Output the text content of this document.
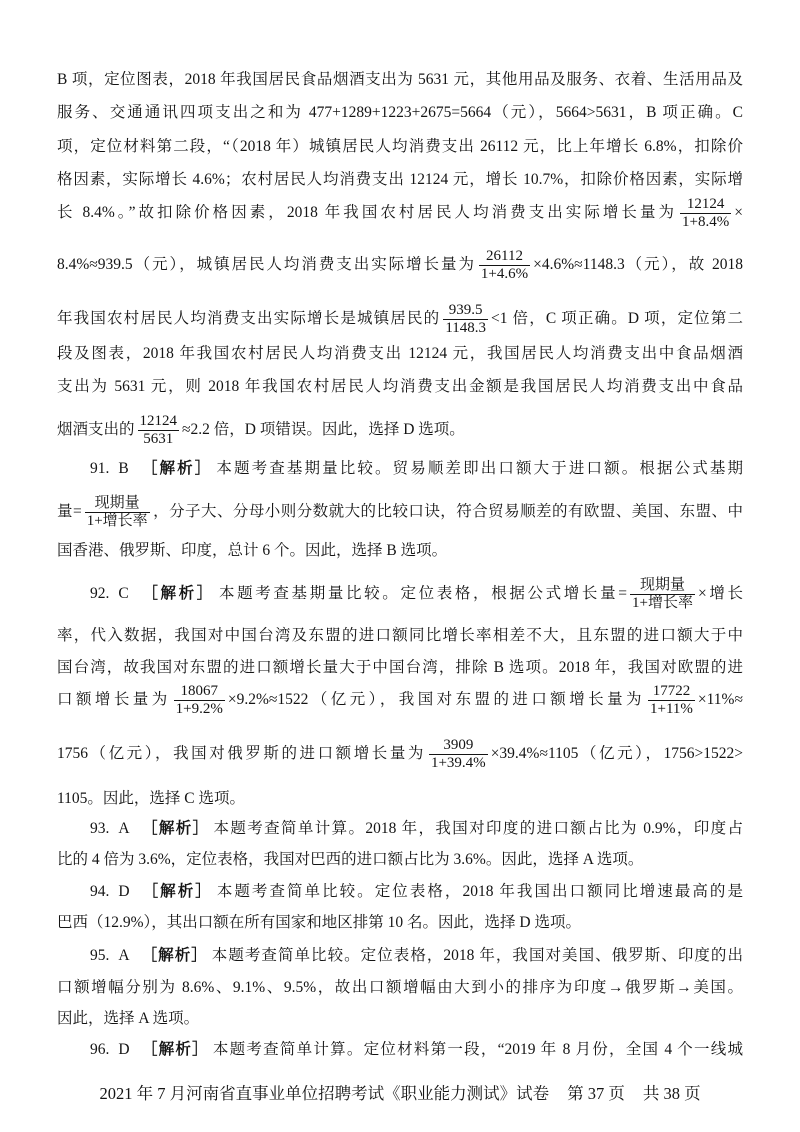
B 项，定位图表，2018 年我国居民食品烟酒支出为 5631 元，其他用品及服务、衣着、生活用品及
服务、交通通讯四项支出之和为 477+1289+1223+2675=5664（元），5664>5631，B 项正确。C
项，定位材料第二段，“（2018 年）城镇居民人均消费支出 26112 元，比上年增长 6.8%，扣除价
格因素，实际增长 4.6%；农村居民人均消费支出 12124 元，增长 10.7%，扣除价格因素，实际增
长 8.4%。”故扣除价格因素，2018 年我国农村居民人均消费支出实际增长量为 $\frac{12124}{1+8.4\%}$ ×
8.4%≈939.5（元），城镇居民人均消费支出实际增长量为 $\frac{26112}{1+4.6\%} \times 4.6\%\approx 1148.3$（元），故 2018
年我国农村居民人均消费支出实际增长是城镇居民的 $\frac{939.5}{1148.3} <1$ 倍，C 项正确。D 项，定位第二
段及图表，2018 年我国农村居民人均消费支出 12124 元，我国居民人均消费支出中食品烟酒
支出为 5631 元，则 2018 年我国农村居民人均消费支出金额是我国居民人均消费支出中食品
烟酒支出的 $\frac{12124}{5631} \approx 2.2$ 倍，D 项错误。因此，选择 D 选项。
91. B ［解析］ 本题考查基期量比较。贸易顺差即出口额大于进口额。根据公式基期
量= $\frac{\text{现期量}}{\text{1+增长率}}$ ，分子大、分母小则分数就大的比较口诀，符合贸易顺差的有欧盟、美国、东盟、中
国香港、俄罗斯、印度，总计 6 个。因此，选择 B 选项。
92. C ［解析］ 本题考查基期量比较。定位表格，根据公式增长量= $\frac{\text{现期量}}{\text{1+增长率}}$ ×增长
率，代入数据，我国对中国台湾及东盟的进口额同比增长率相差不大，且东盟的进口额大于中
国台湾，故我国对东盟的进口额增长量大于中国台湾，排除 B 选项。2018 年，我国对欧盟的进
口额增长量为 $\frac{18067}{1+9.2\%} \times 9.2\%\approx 1522$（亿元），我国对东盟的进口额增长量为 $\frac{17722}{1+11\%} \times 11\%\approx$
1756（亿元），我国对俄罗斯的进口额增长量为 $\frac{3909}{1+39.4\%} \times 39.4\%\approx 1105$（亿元），1756>1522>
1105。因此，选择 C 选项。
93. A ［解析］ 本题考查简单计算。2018 年，我国对印度的进口额占比为 0.9%，印度占
比的 4 倍为 3.6%，定位表格，我国对巴西的进口额占比为 3.6%。因此，选择 A 选项。
94. D ［解析］ 本题考查简单比较。定位表格，2018 年我国出口额同比增速最高的是
巴西（12.9%），其出口额在所有国家和地区排第 10 名。因此，选择 D 选项。
95. A ［解析］ 本题考查简单比较。定位表格，2018 年，我国对美国、俄罗斯、印度的出
口额增幅分别为 8.6%、9.1%、9.5%，故出口额增幅由大到小的排序为印度→俄罗斯→美国。
因此，选择 A 选项。
96. D ［解析］ 本题考查简单计算。定位材料第一段，“2019 年 8 月份，全国 4 个一线城
2021 年 7 月河南省直事业单位招聘考试《职业能力测试》试卷 第 37 页 共 38 页
